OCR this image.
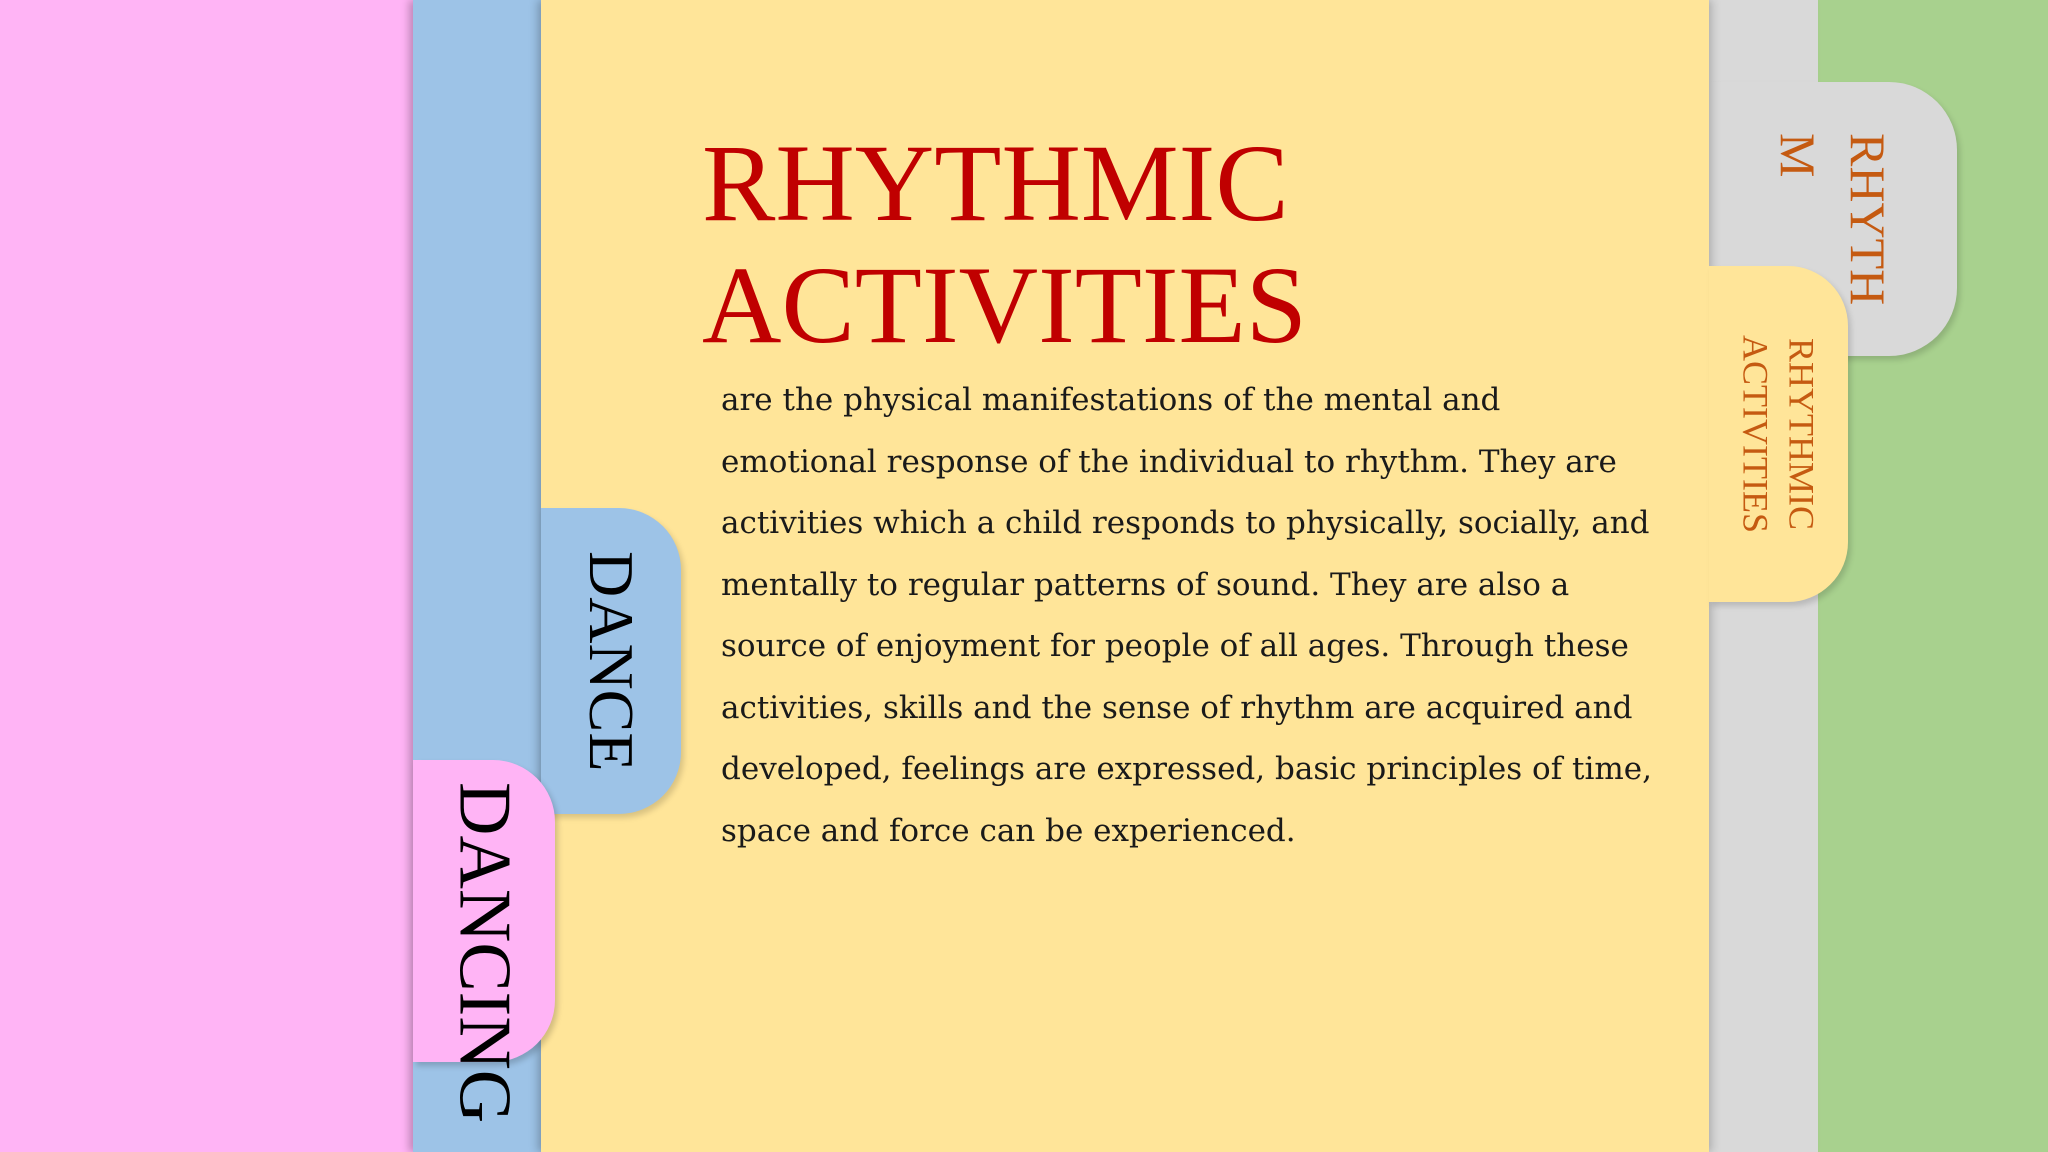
RHYTH
M
RHYTHMIC
ACTIVITIES
DANCE
DANCING
RHYTHMIC
ACTIVITIES

are the physical manifestations of the mental and emotional response of the individual to rhythm. They are activities which a child responds to physically, socially, and mentally to regular patterns of sound. They are also a source of enjoyment for people of all ages. Through these activities, skills and the sense of rhythm are acquired and developed, feelings are expressed, basic principles of time, space and force can be experienced.
